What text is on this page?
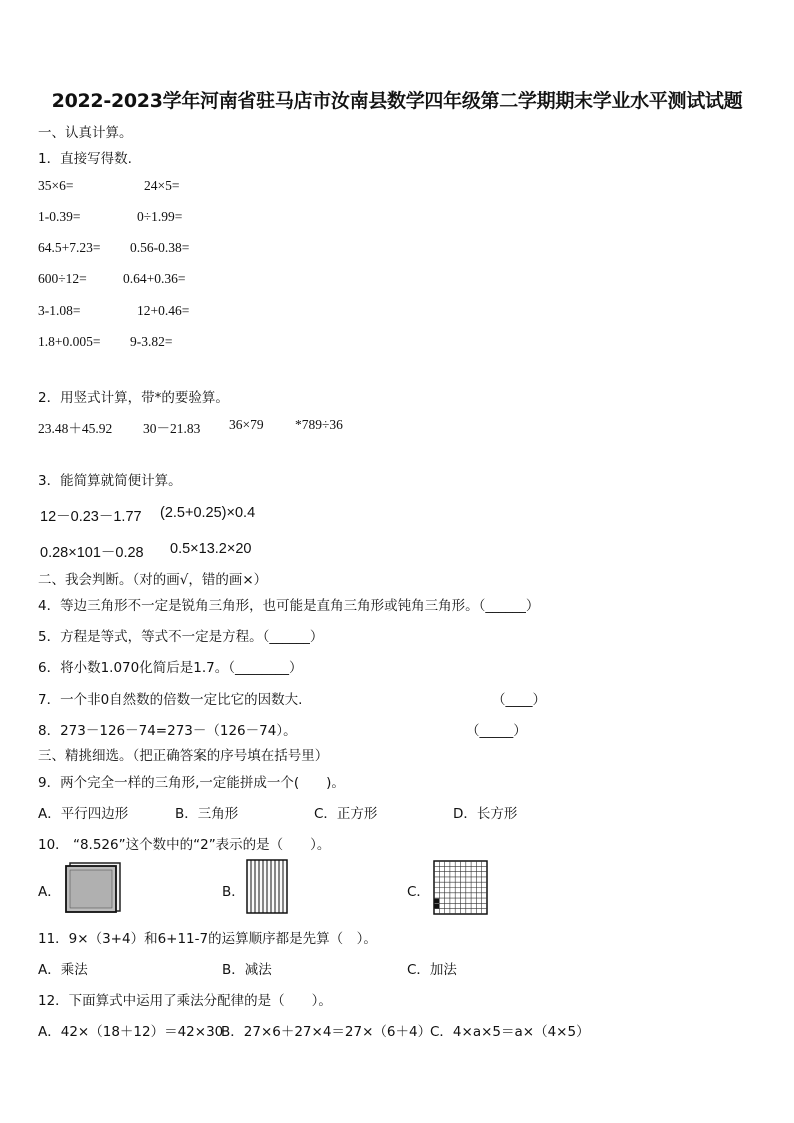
2022-2023学年河南省驻马店市汝南县数学四年级第二学期期末学业水平测试试题
一、认真计算。
1．直接写得数.
35×6=	24×5=
1-0.39=	0÷1.99=
64.5+7.23= 0.56-0.38=
600÷12=	0.64+0.36=
3-1.08=	12+0.46=
1.8+0.005= 9-3.82=
2．用竖式计算，带*的要验算。
23.48＋45.92 30－21.83 36×79 *789÷36
3．能简算就简便计算。
12－0.23－1.77 (2.5+0.25)×0.4
0.28×101－0.28 0.5×13.2×20
二、我会判断。（对的画√，错的画×）
4．等边三角形不一定是锐角三角形，也可能是直角三角形或钝角三角形。（______）
5．方程是等式，等式不一定是方程。（______）
6．将小数1.070化简后是1.7。（________）
7．一个非0自然数的倍数一定比它的因数大.	（____）
8．273－126－74=273－（126－74）。	（_____）
三、精挑细选。（把正确答案的序号填在括号里）
9．两个完全一样的三角形,一定能拼成一个(　　)。
A．平行四边形	B．三角形	C．正方形	D．长方形
10． “8.526”这个数中的“2”表示的是（　　）。
A．	B．	C．
11．9×（3+4）和6+11-7的运算顺序都是先算（　）。
A．乘法	B．减法	C．加法
12．下面算式中运用了乘法分配律的是（　　）。
A．42×（18＋12）＝42×30
B．27×6＋27×4＝27×（6＋4）
C．4×a×5＝a×（4×5）
